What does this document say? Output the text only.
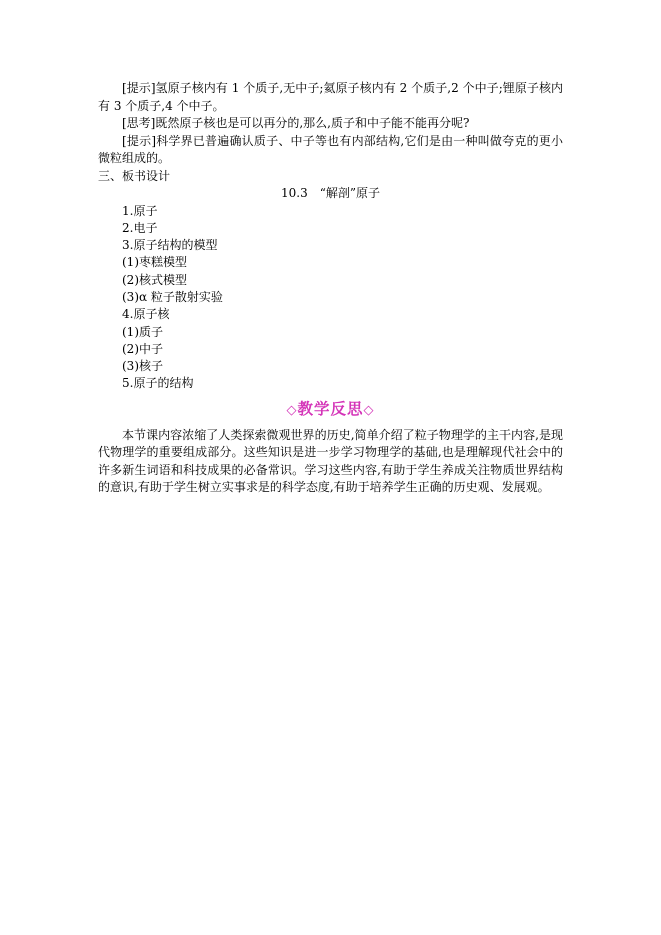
[提示]氢原子核内有 1 个质子,无中子;氦原子核内有 2 个质子,2 个中子;锂原子核内有 3 个质子,4 个中子。

[思考]既然原子核也是可以再分的,那么,质子和中子能不能再分呢?

[提示]科学界已普遍确认质子、中子等也有内部结构,它们是由一种叫做夸克的更小微粒组成的。

三、板书设计

10.3　“解剖”原子

1.原子
2.电子
3.原子结构的模型
(1)枣糕模型
(2)核式模型
(3)α 粒子散射实验
4.原子核
(1)质子
(2)中子
(3)核子
5.原子的结构
◇教学反思◇

本节课内容浓缩了人类探索微观世界的历史,简单介绍了粒子物理学的主干内容,是现代物理学的重要组成部分。这些知识是进一步学习物理学的基础,也是理解现代社会中的许多新生词语和科技成果的必备常识。学习这些内容,有助于学生养成关注物质世界结构的意识,有助于学生树立实事求是的科学态度,有助于培养学生正确的历史观、发展观。
